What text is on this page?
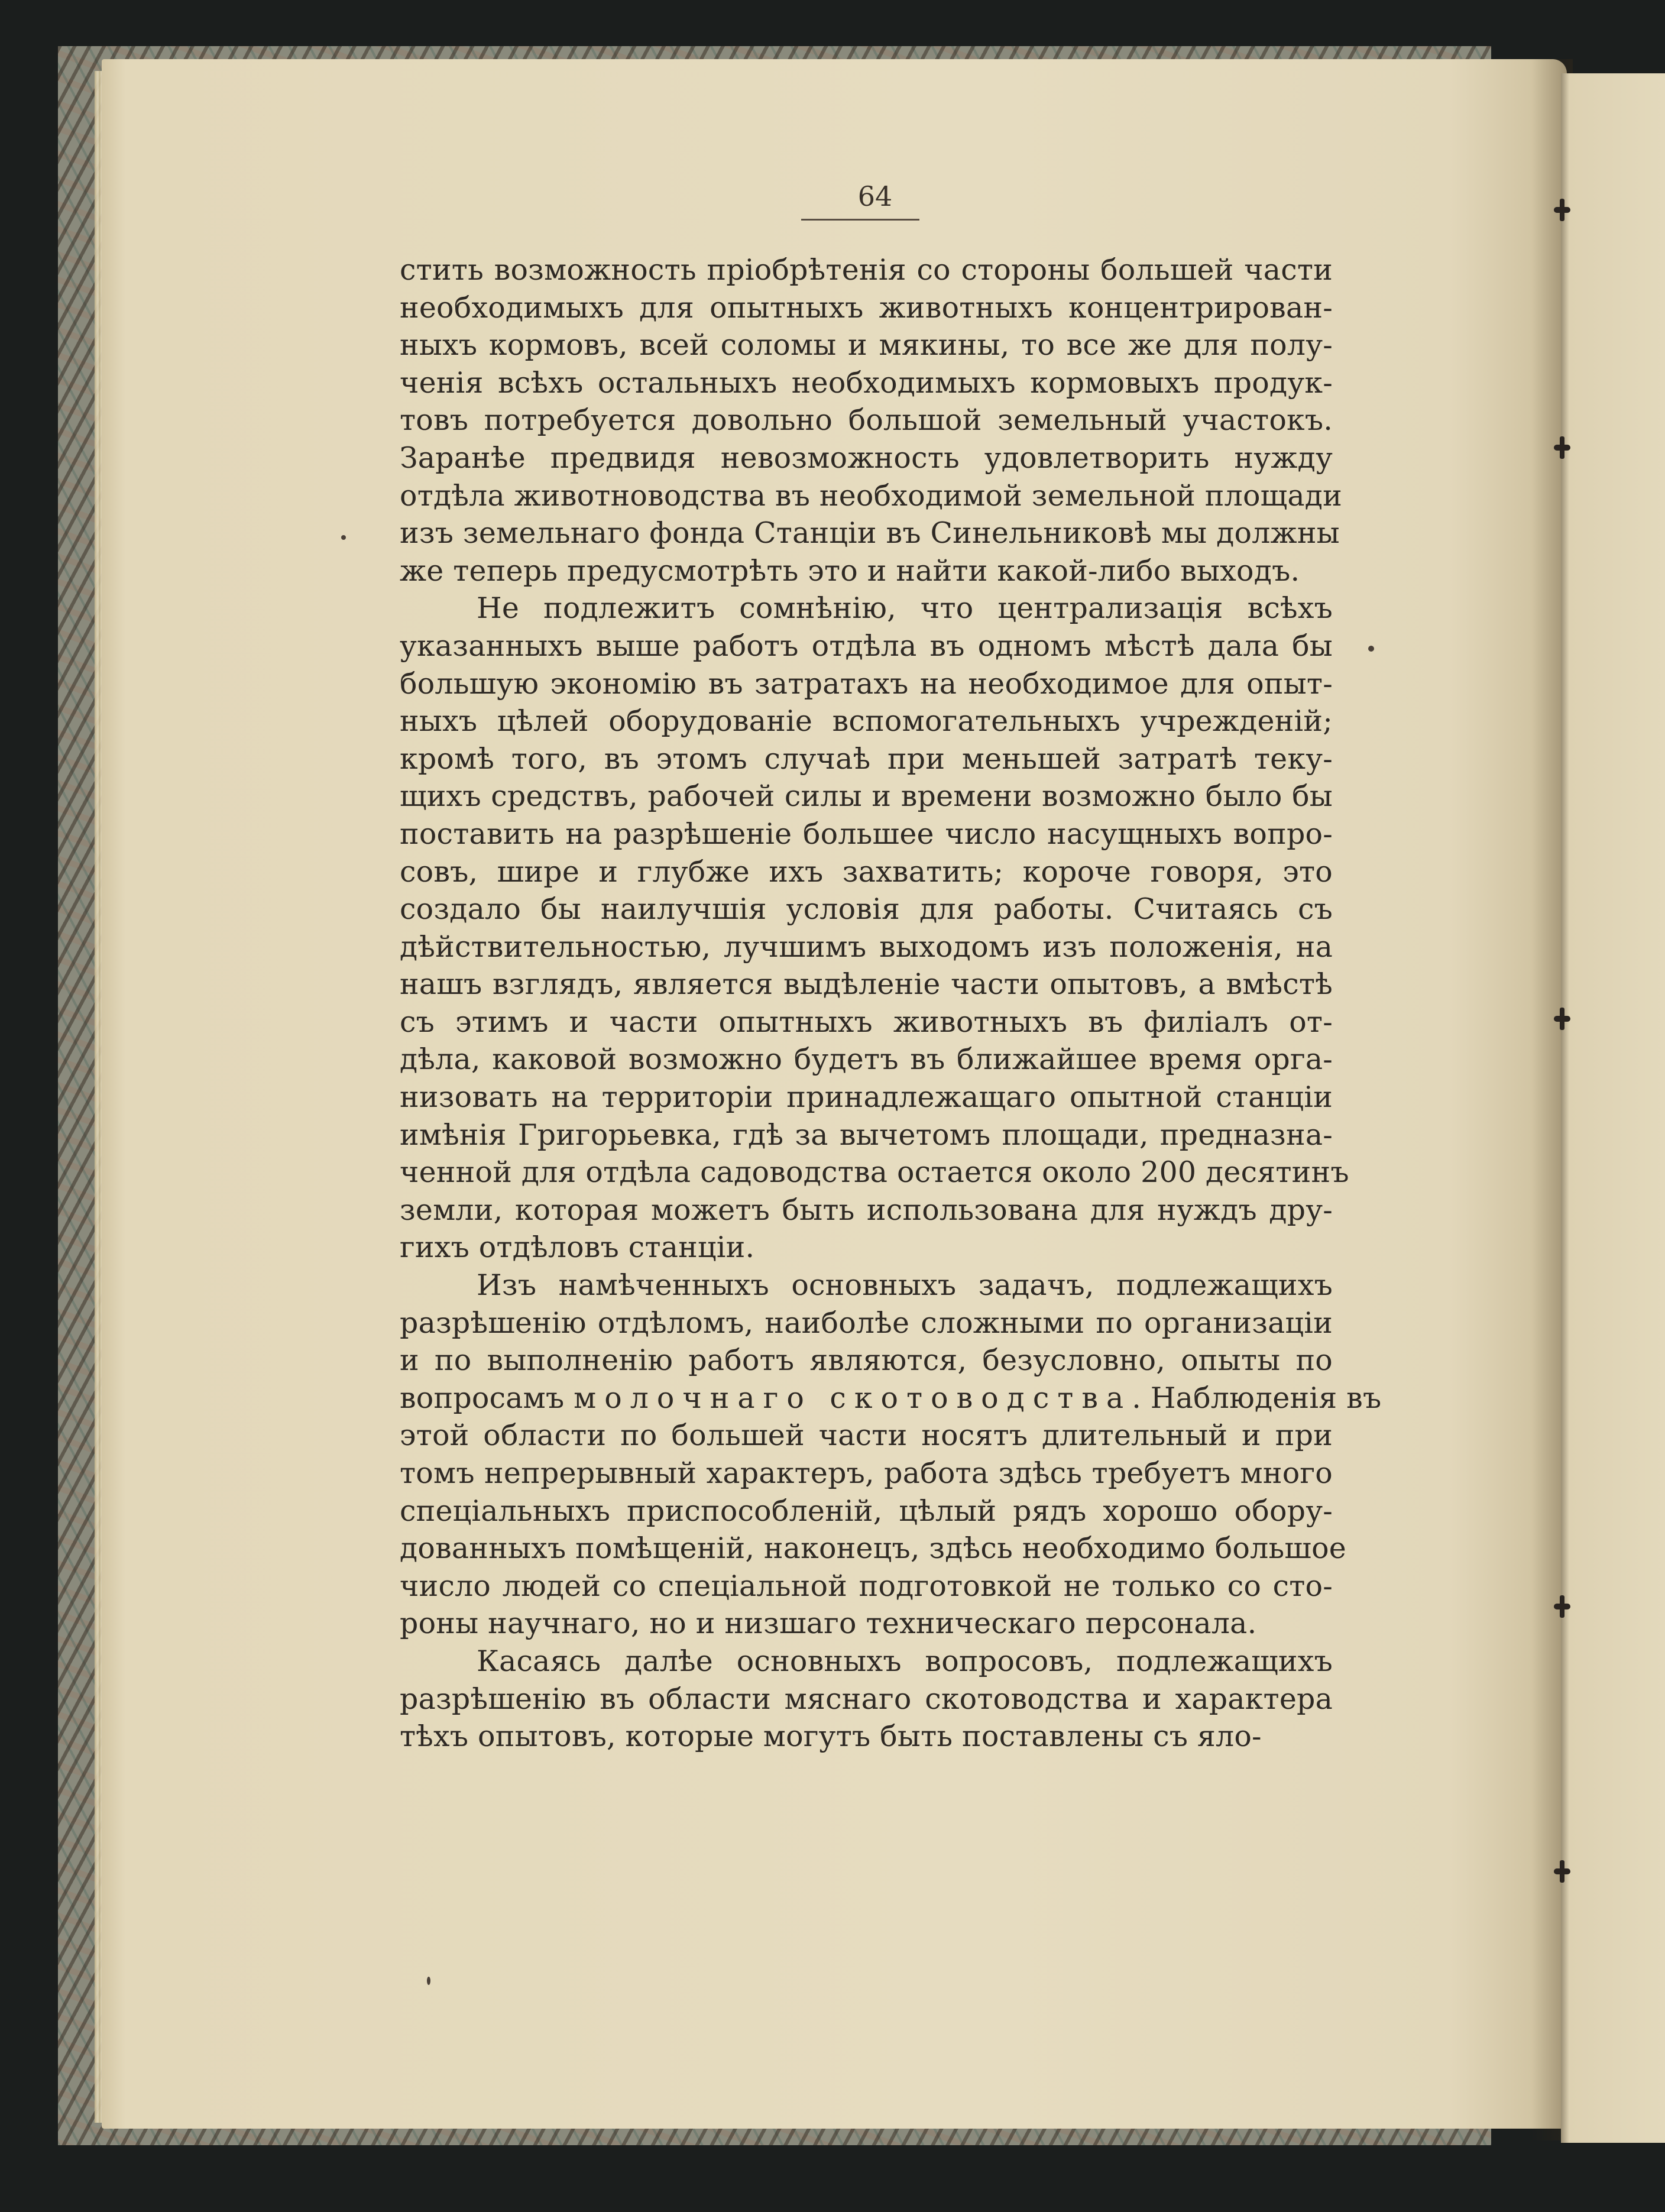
64
стить возможность пріобрѣтенія со стороны большей части
необходимыхъ для опытныхъ животныхъ концентрирован-
ныхъ кормовъ, всей соломы и мякины, то все же для полу-
ченія всѣхъ остальныхъ необходимыхъ кормовыхъ продук-
товъ потребуется довольно большой земельный участокъ.
Заранѣе предвидя невозможность удовлетворить нужду
отдѣла животноводства въ необходимой земельной площади
изъ земельнаго фонда Станціи въ Синельниковѣ мы должны
же теперь предусмотрѣть это и найти какой-либо выходъ.
Не подлежитъ сомнѣнію, что централизація всѣхъ
указанныхъ выше работъ отдѣла въ одномъ мѣстѣ дала бы
большую экономію въ затратахъ на необходимое для опыт-
ныхъ цѣлей оборудованіе вспомогательныхъ учрежденій;
кромѣ того, въ этомъ случаѣ при меньшей затратѣ теку-
щихъ средствъ, рабочей силы и времени возможно было бы
поставить на разрѣшеніе большее число насущныхъ вопро-
совъ, шире и глубже ихъ захватить; короче говоря, это
создало бы наилучшія условія для работы. Считаясь съ
дѣйствительностью, лучшимъ выходомъ изъ положенія, на
нашъ взглядъ, является выдѣленіе части опытовъ, а вмѣстѣ
съ этимъ и части опытныхъ животныхъ въ филіалъ от-
дѣла, каковой возможно будетъ въ ближайшее время орга-
низовать на территоріи принадлежащаго опытной станціи
имѣнія Григорьевка, гдѣ за вычетомъ площади, предназна-
ченной для отдѣла садоводства остается около 200 десятинъ
земли, которая можетъ быть использована для нуждъ дру-
гихъ отдѣловъ станціи.
Изъ намѣченныхъ основныхъ задачъ, подлежащихъ
разрѣшенію отдѣломъ, наиболѣе сложными по организаціи
и по выполненію работъ являются, безусловно, опыты по
вопросамъ молочнаго скотоводства. Наблюденія въ
этой области по большей части носятъ длительный и при
томъ непрерывный характеръ, работа здѣсь требуетъ много
спеціальныхъ приспособленій, цѣлый рядъ хорошо обору-
дованныхъ помѣщеній, наконецъ, здѣсь необходимо большое
число людей со спеціальной подготовкой не только со сто-
роны научнаго, но и низшаго техническаго персонала.
Касаясь далѣе основныхъ вопросовъ, подлежащихъ
разрѣшенію въ области мяснаго скотоводства и характера
тѣхъ опытовъ, которые могутъ быть поставлены съ яло-
